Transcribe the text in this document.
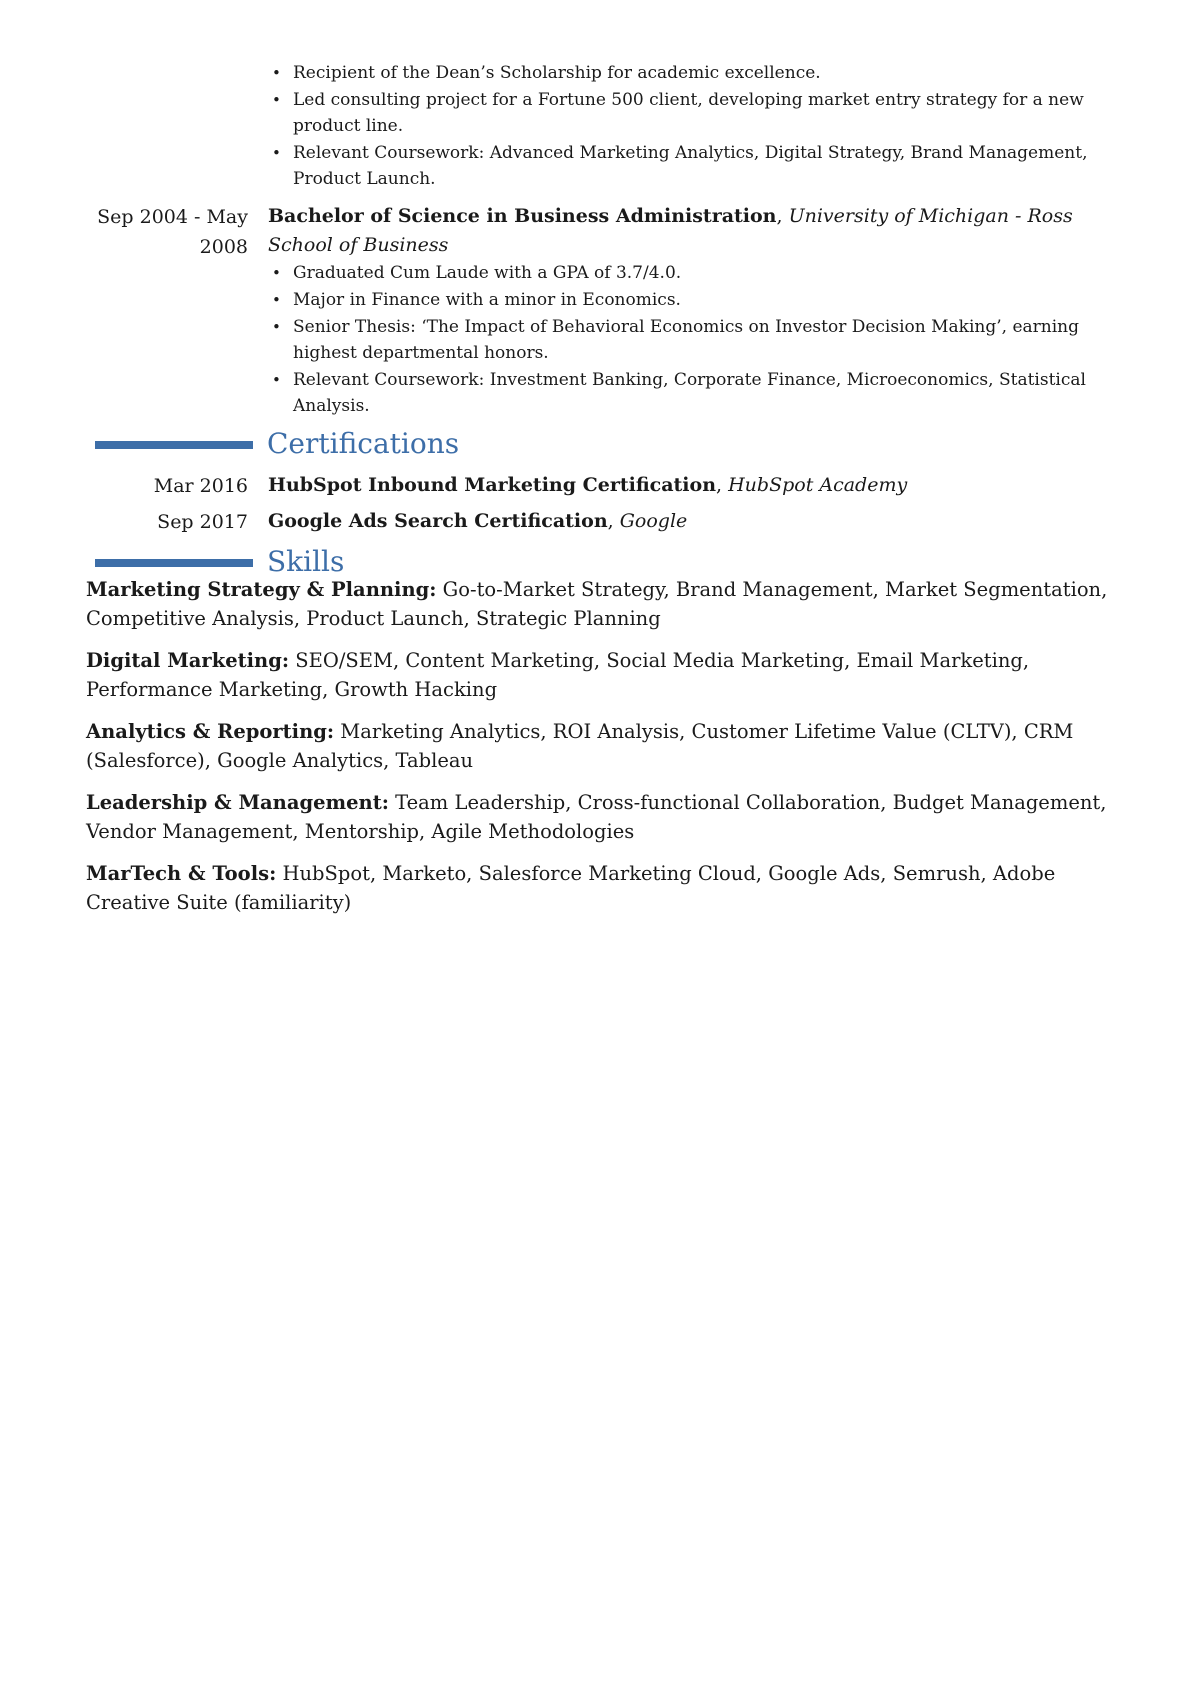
• Recipient of the Dean’s Scholarship for academic excellence.
• Led consulting project for a Fortune 500 client, developing market entry strategy for a new product line.
• Relevant Coursework: Advanced Marketing Analytics, Digital Strategy, Brand Management, Product Launch.
Sep 2004 - May
2008
Bachelor of Science in Business Administration, University of Michigan - Ross School of Business
• Graduated Cum Laude with a GPA of 3.7/4.0.
• Major in Finance with a minor in Economics.
• Senior Thesis: ‘The Impact of Behavioral Economics on Investor Decision Making’, earning highest departmental honors.
• Relevant Coursework: Investment Banking, Corporate Finance, Microeconomics, Statistical Analysis.
Certifications
Mar 2016 HubSpot Inbound Marketing Certification, HubSpot Academy
Sep 2017 Google Ads Search Certification, Google
Skills

Marketing Strategy & Planning: Go-to-Market Strategy, Brand Management, Market Segmentation, Competitive Analysis, Product Launch, Strategic Planning

Digital Marketing: SEO/SEM, Content Marketing, Social Media Marketing, Email Marketing, Performance Marketing, Growth Hacking

Analytics & Reporting: Marketing Analytics, ROI Analysis, Customer Lifetime Value (CLTV), CRM (Salesforce), Google Analytics, Tableau

Leadership & Management: Team Leadership, Cross-functional Collaboration, Budget Management, Vendor Management, Mentorship, Agile Methodologies

MarTech & Tools: HubSpot, Marketo, Salesforce Marketing Cloud, Google Ads, Semrush, Adobe Creative Suite (familiarity)
